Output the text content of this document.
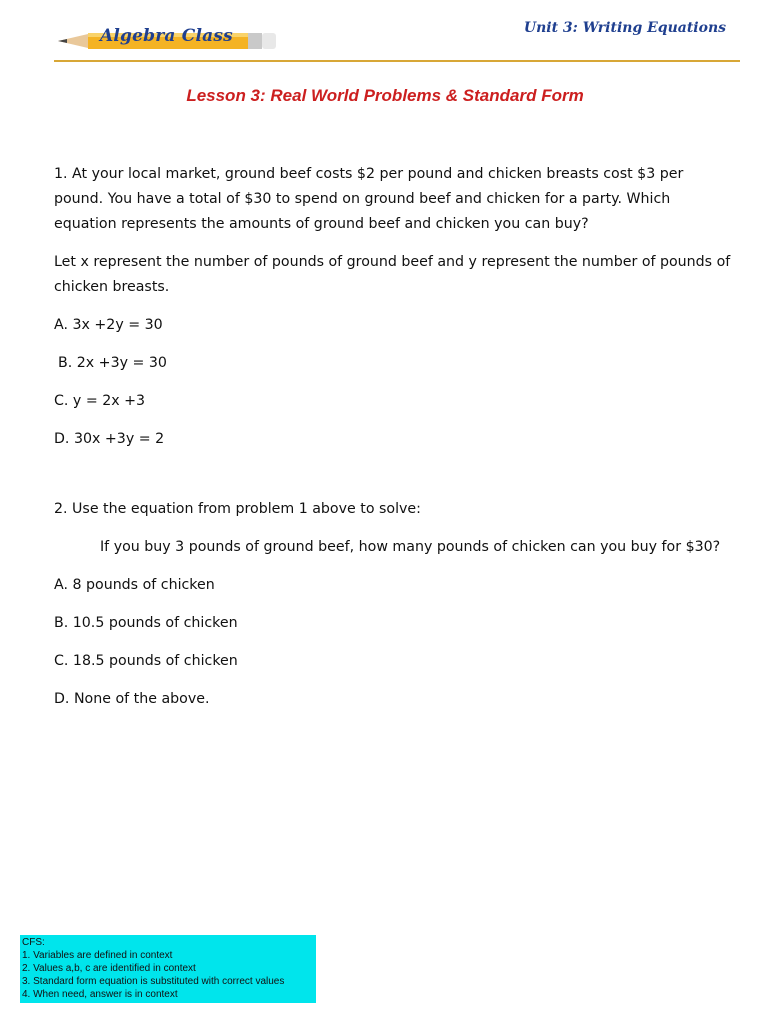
Algebra Class	Unit 3: Writing Equations
Lesson 3: Real World Problems & Standard Form

1. At your local market, ground beef costs $2 per pound and chicken breasts cost $3 per pound. You have a total of $30 to spend on ground beef and chicken for a party. Which equation represents the amounts of ground beef and chicken you can buy?

Let x represent the number of pounds of ground beef and y represent the number of pounds of chicken breasts.

A. 3x +2y = 30
B. 2x +3y = 30
C. y = 2x +3
D. 30x +3y = 2

2. Use the equation from problem 1 above to solve:

If you buy 3 pounds of ground beef, how many pounds of chicken can you buy for $30?

A. 8 pounds of chicken
B. 10.5 pounds of chicken
C. 18.5 pounds of chicken
D. None of the above.
CFS:
1. Variables are defined in context
2. Values a,b, c are identified in context
3. Standard form equation is substituted with correct values
4. When need, answer is in context
